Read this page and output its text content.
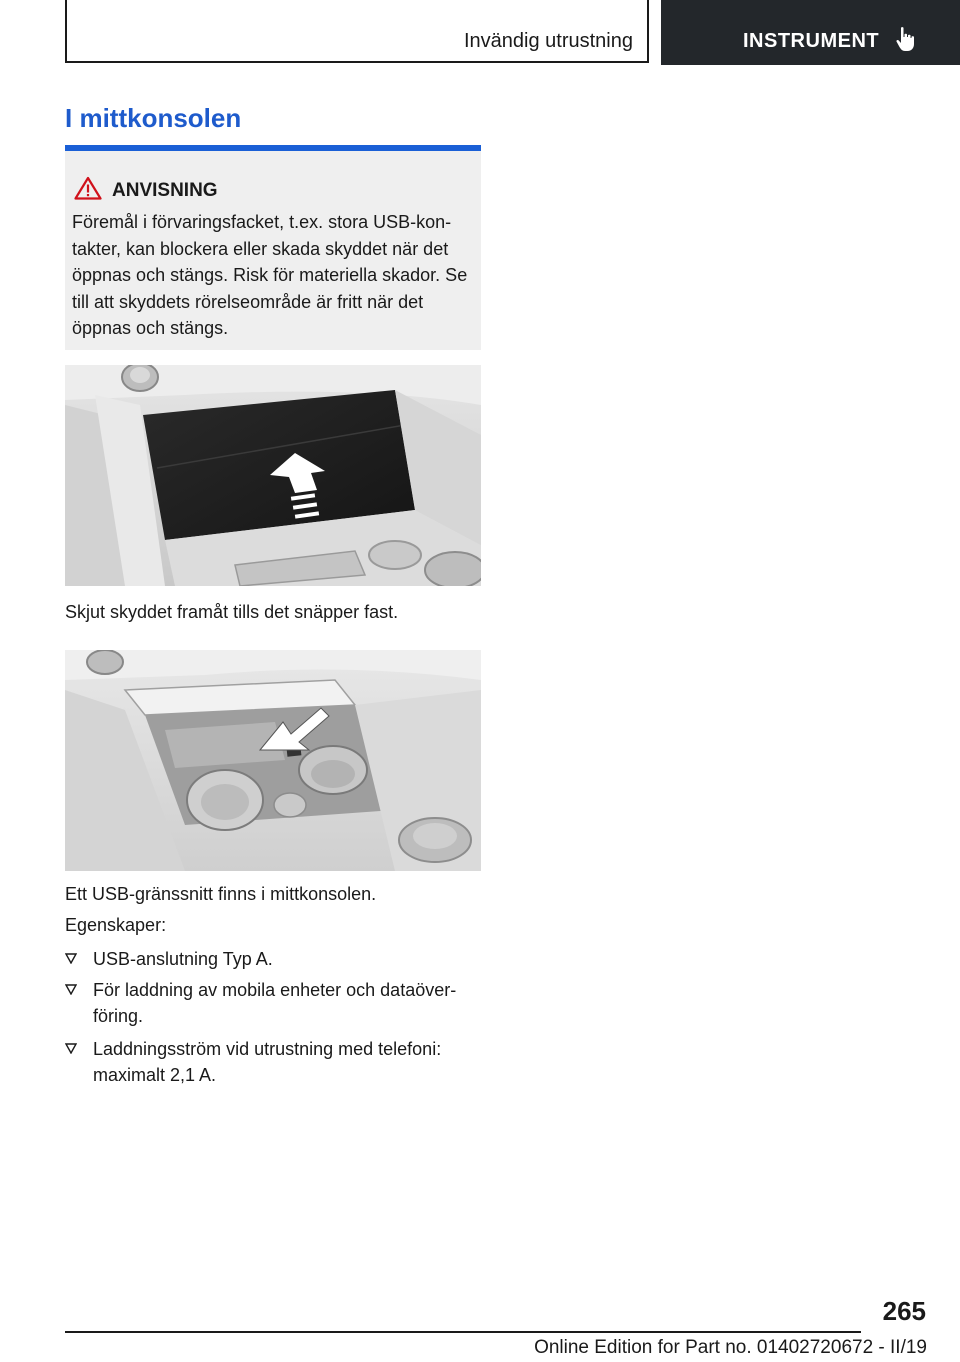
Invändig utrustning	INSTRUMENT
I mittkonsolen
ANVISNING

Föremål i förvaringsfacket, t.ex. stora USB-kontakter, kan blockera eller skada skyddet när det öppnas och stängs. Risk för materiella skador. Se till att skyddets rörelseområde är fritt när det öppnas och stängs.

Skjut skyddet framåt tills det snäpper fast.

Ett USB-gränssnitt finns i mittkonsolen.

Egenskaper:

USB-anslutning Typ A.
För laddning av mobila enheter och dataöverföring.
Laddningsström vid utrustning med telefoni: maximalt 2,1 A.
265
Online Edition for Part no. 01402720672 - II/19
